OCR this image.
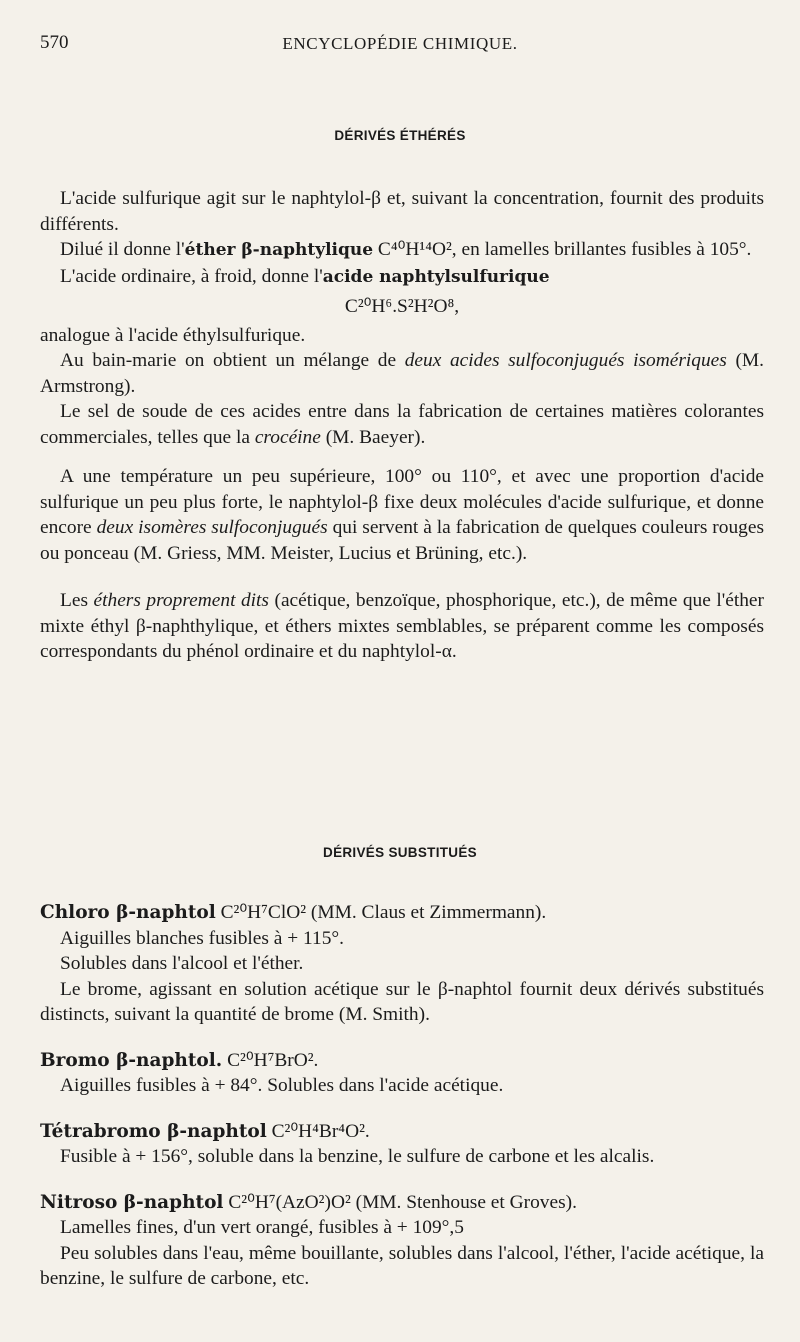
570	ENCYCLOPÉDIE CHIMIQUE.
DÉRIVÉS ÉTHÉRÉS

L'acide sulfurique agit sur le naphtylol-β et, suivant la concentration, fournit des produits différents.

Dilué il donne l'éther β-naphtylique C⁴⁰H¹⁴O², en lamelles brillantes fusibles à 105°.

L'acide ordinaire, à froid, donne l'acide naphtylsulfurique

C²⁰H⁶.S²H²O⁸,

analogue à l'acide éthylsulfurique.

Au bain-marie on obtient un mélange de deux acides sulfoconjugués isomériques (M. Armstrong).

Le sel de soude de ces acides entre dans la fabrication de certaines matières colorantes commerciales, telles que la crocéine (M. Baeyer).

A une température un peu supérieure, 100° ou 110°, et avec une proportion d'acide sulfurique un peu plus forte, le naphtylol-β fixe deux molécules d'acide sulfurique, et donne encore deux isomères sulfoconjugués qui servent à la fabrication de quelques couleurs rouges ou ponceau (M. Griess, MM. Meister, Lucius et Brüning, etc.).

Les éthers proprement dits (acétique, benzoïque, phosphorique, etc.), de même que l'éther mixte éthyl β-naphthylique, et éthers mixtes semblables, se préparent comme les composés correspondants du phénol ordinaire et du naphtylol-α.

DÉRIVÉS SUBSTITUÉS

Chloro β-naphtol C²⁰H⁷ClO² (MM. Claus et Zimmermann).

Aiguilles blanches fusibles à + 115°.

Solubles dans l'alcool et l'éther.

Le brome, agissant en solution acétique sur le β-naphtol fournit deux dérivés substitués distincts, suivant la quantité de brome (M. Smith).

Bromo β-naphtol. C²⁰H⁷BrO².

Aiguilles fusibles à + 84°. Solubles dans l'acide acétique.

Tétrabromo β-naphtol C²⁰H⁴Br⁴O².

Fusible à + 156°, soluble dans la benzine, le sulfure de carbone et les alcalis.

Nitroso β-naphtol C²⁰H⁷(AzO²)O² (MM. Stenhouse et Groves).

Lamelles fines, d'un vert orangé, fusibles à + 109°,5

Peu solubles dans l'eau, même bouillante, solubles dans l'alcool, l'éther, l'acide acétique, la benzine, le sulfure de carbone, etc.
